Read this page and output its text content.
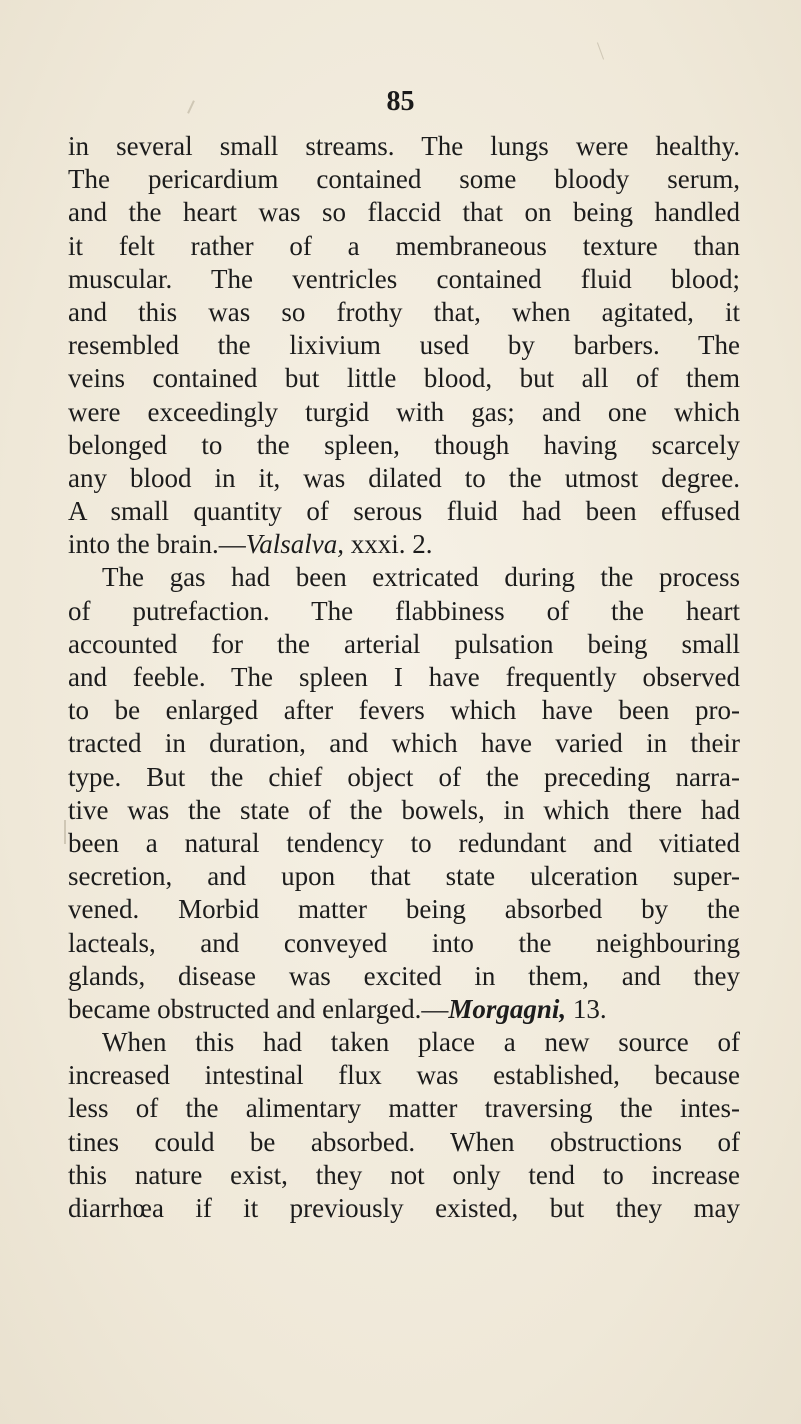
85
in several small streams. The lungs were healthy.
The pericardium contained some bloody serum,
and the heart was so flaccid that on being handled
it felt rather of a membraneous texture than
muscular. The ventricles contained fluid blood;
and this was so frothy that, when agitated, it
resembled the lixivium used by barbers. The
veins contained but little blood, but all of them
were exceedingly turgid with gas; and one which
belonged to the spleen, though having scarcely
any blood in it, was dilated to the utmost degree.
A small quantity of serous fluid had been effused
into the brain.—Valsalva, xxxi. 2.
The gas had been extricated during the process
of putrefaction. The flabbiness of the heart
accounted for the arterial pulsation being small
and feeble. The spleen I have frequently observed
to be enlarged after fevers which have been pro-
tracted in duration, and which have varied in their
type. But the chief object of the preceding narra-
tive was the state of the bowels, in which there had
been a natural tendency to redundant and vitiated
secretion, and upon that state ulceration super-
vened. Morbid matter being absorbed by the
lacteals, and conveyed into the neighbouring
glands, disease was excited in them, and they
became obstructed and enlarged.—Morgagni, 13.
When this had taken place a new source of
increased intestinal flux was established, because
less of the alimentary matter traversing the intes-
tines could be absorbed. When obstructions of
this nature exist, they not only tend to increase
diarrhœa if it previously existed, but they may
